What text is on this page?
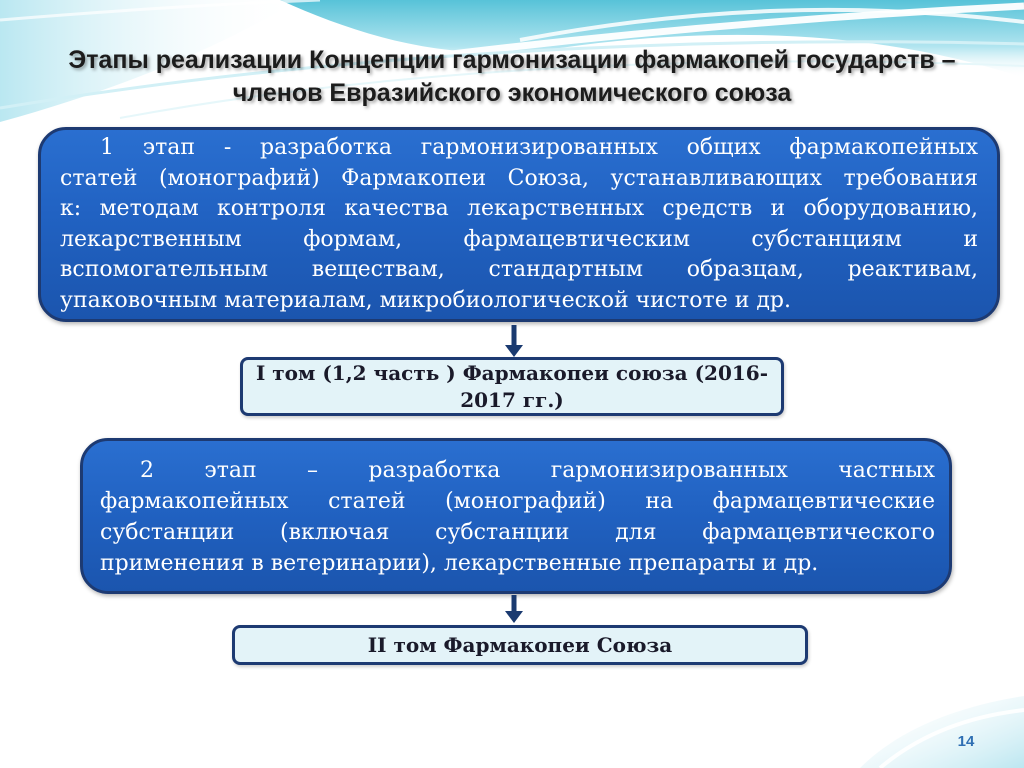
Этапы реализации Концепции гармонизации фармакопей государств –
членов Евразийского экономического союза
1 этап - разработка гармонизированных общих фармакопейных
статей (монографий) Фармакопеи Союза, устанавливающих требования
к: методам контроля качества лекарственных средств и оборудованию,
лекарственным формам, фармацевтическим субстанциям и
вспомогательным веществам, стандартным образцам, реактивам,
упаковочным материалам, микробиологической чистоте и др.
I том (1,2 часть ) Фармакопеи союза (2016-
2017 гг.)
2 этап – разработка гармонизированных частных
фармакопейных статей (монографий) на фармацевтические
субстанции (включая субстанции для фармацевтического
применения в ветеринарии), лекарственные препараты и др.
II том Фармакопеи Союза
14
